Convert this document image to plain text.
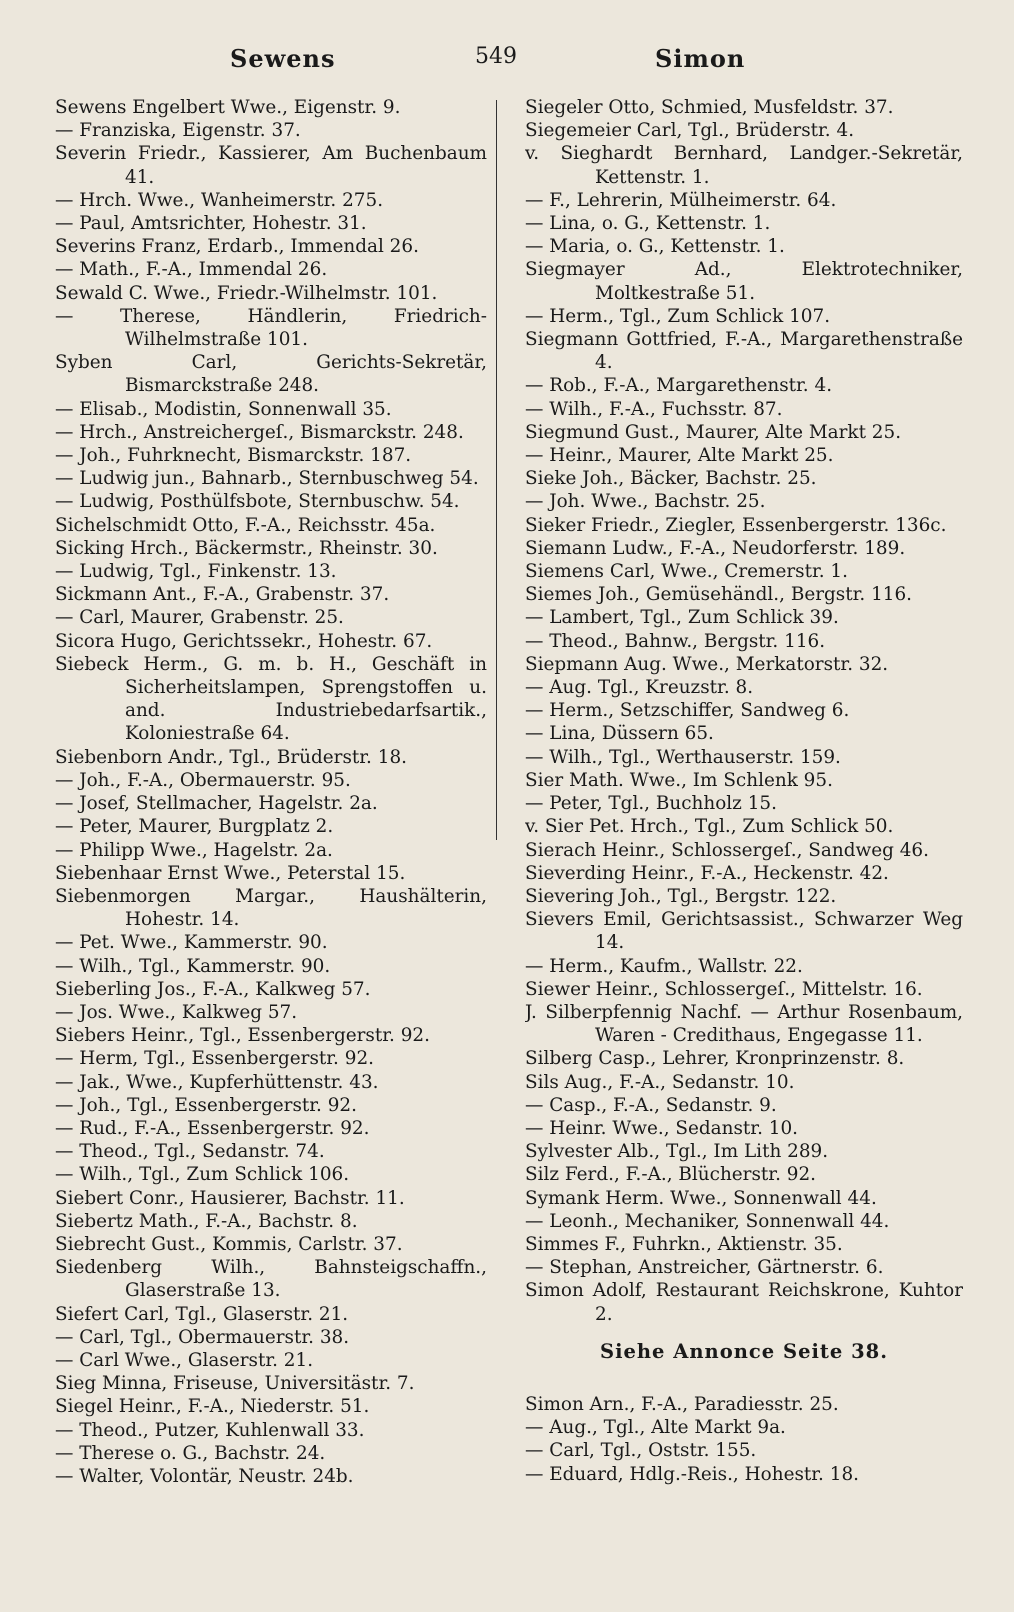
Sewens	549	Simon
Sewens Engelbert Wwe., Eigenstr. 9.
— Franziska, Eigenstr. 37.
Severin Friedr., Kassierer, Am Buchenbaum 41.
— Hrch. Wwe., Wanheimerstr. 275.
— Paul, Amtsrichter, Hohestr. 31.
Severins Franz, Erdarb., Immendal 26.
— Math., F.-A., Immendal 26.
Sewald C. Wwe., Friedr.-Wilhelmstr. 101.
— Therese, Händlerin, Friedrich-Wilhelmstraße 101.
Syben Carl, Gerichts-Sekretär, Bismarckstraße 248.
— Elisab., Modistin, Sonnenwall 35.
— Hrch., Anstreichergeſ., Bismarckstr. 248.
— Joh., Fuhrknecht, Bismarckstr. 187.
— Ludwig jun., Bahnarb., Sternbuschweg 54.
— Ludwig, Posthülfsbote, Sternbuschw. 54.
Sichelschmidt Otto, F.-A., Reichsstr. 45a.
Sicking Hrch., Bäckermstr., Rheinstr. 30.
— Ludwig, Tgl., Finkenstr. 13.
Sickmann Ant., F.-A., Grabenstr. 37.
— Carl, Maurer, Grabenstr. 25.
Sicora Hugo, Gerichtssekr., Hohestr. 67.
Siebeck Herm., G. m. b. H., Geschäft in Sicherheitslampen, Sprengstoffen u. and. Industriebedarfsartik., Koloniestraße 64.
Siebenborn Andr., Tgl., Brüderstr. 18.
— Joh., F.-A., Obermauerstr. 95.
— Josef, Stellmacher, Hagelstr. 2a.
— Peter, Maurer, Burgplatz 2.
— Philipp Wwe., Hagelstr. 2a.
Siebenhaar Ernst Wwe., Peterstal 15.
Siebenmorgen Margar., Haushälterin, Hohestr. 14.
— Pet. Wwe., Kammerstr. 90.
— Wilh., Tgl., Kammerstr. 90.
Sieberling Jos., F.-A., Kalkweg 57.
— Jos. Wwe., Kalkweg 57.
Siebers Heinr., Tgl., Essenbergerstr. 92.
— Herm, Tgl., Essenbergerstr. 92.
— Jak., Wwe., Kupferhüttenstr. 43.
— Joh., Tgl., Essenbergerstr. 92.
— Rud., F.-A., Essenbergerstr. 92.
— Theod., Tgl., Sedanstr. 74.
— Wilh., Tgl., Zum Schlick 106.
Siebert Conr., Hausierer, Bachstr. 11.
Siebertz Math., F.-A., Bachstr. 8.
Siebrecht Gust., Kommis, Carlstr. 37.
Siedenberg Wilh., Bahnsteigschaffn., Glaserstraße 13.
Siefert Carl, Tgl., Glaserstr. 21.
— Carl, Tgl., Obermauerstr. 38.
— Carl Wwe., Glaserstr. 21.
Sieg Minna, Friseuse, Universitästr. 7.
Siegel Heinr., F.-A., Niederstr. 51.
— Theod., Putzer, Kuhlenwall 33.
— Therese o. G., Bachstr. 24.
— Walter, Volontär, Neustr. 24b.
Siegeler Otto, Schmied, Musfeldstr. 37.
Siegemeier Carl, Tgl., Brüderstr. 4.
v. Sieghardt Bernhard, Landger.-Sekretär, Kettenstr. 1.
— F., Lehrerin, Mülheimerstr. 64.
— Lina, o. G., Kettenstr. 1.
— Maria, o. G., Kettenstr. 1.
Siegmayer Ad., Elektrotechniker, Moltkestraße 51.
— Herm., Tgl., Zum Schlick 107.
Siegmann Gottfried, F.-A., Margarethenstraße 4.
— Rob., F.-A., Margarethenstr. 4.
— Wilh., F.-A., Fuchsstr. 87.
Siegmund Gust., Maurer, Alte Markt 25.
— Heinr., Maurer, Alte Markt 25.
Sieke Joh., Bäcker, Bachstr. 25.
— Joh. Wwe., Bachstr. 25.
Sieker Friedr., Ziegler, Essenbergerstr. 136c.
Siemann Ludw., F.-A., Neudorferstr. 189.
Siemens Carl, Wwe., Cremerstr. 1.
Siemes Joh., Gemüsehändl., Bergstr. 116.
— Lambert, Tgl., Zum Schlick 39.
— Theod., Bahnw., Bergstr. 116.
Siepmann Aug. Wwe., Merkatorstr. 32.
— Aug. Tgl., Kreuzstr. 8.
— Herm., Setzschiffer, Sandweg 6.
— Lina, Düssern 65.
— Wilh., Tgl., Werthauserstr. 159.
Sier Math. Wwe., Im Schlenk 95.
— Peter, Tgl., Buchholz 15.
v. Sier Pet. Hrch., Tgl., Zum Schlick 50.
Sierach Heinr., Schlossergeſ., Sandweg 46.
Sieverding Heinr., F.-A., Heckenstr. 42.
Sievering Joh., Tgl., Bergstr. 122.
Sievers Emil, Gerichtsassist., Schwarzer Weg 14.
— Herm., Kaufm., Wallstr. 22.
Siewer Heinr., Schlossergeſ., Mittelstr. 16.
J. Silberpfennig Nachf. — Arthur Rosenbaum, Waren - Credithaus, Engegasse 11.
Silberg Casp., Lehrer, Kronprinzenstr. 8.
Sils Aug., F.-A., Sedanstr. 10.
— Casp., F.-A., Sedanstr. 9.
— Heinr. Wwe., Sedanstr. 10.
Sylvester Alb., Tgl., Im Lith 289.
Silz Ferd., F.-A., Blücherstr. 92.
Symank Herm. Wwe., Sonnenwall 44.
— Leonh., Mechaniker, Sonnenwall 44.
Simmes F., Fuhrkn., Aktienstr. 35.
— Stephan, Anstreicher, Gärtnerstr. 6.
Simon Adolf, Restaurant Reichskrone, Kuhtor 2.
Siehe Annonce Seite 38.
Simon Arn., F.-A., Paradiesstr. 25.
— Aug., Tgl., Alte Markt 9a.
— Carl, Tgl., Oststr. 155.
— Eduard, Hdlg.-Reis., Hohestr. 18.
